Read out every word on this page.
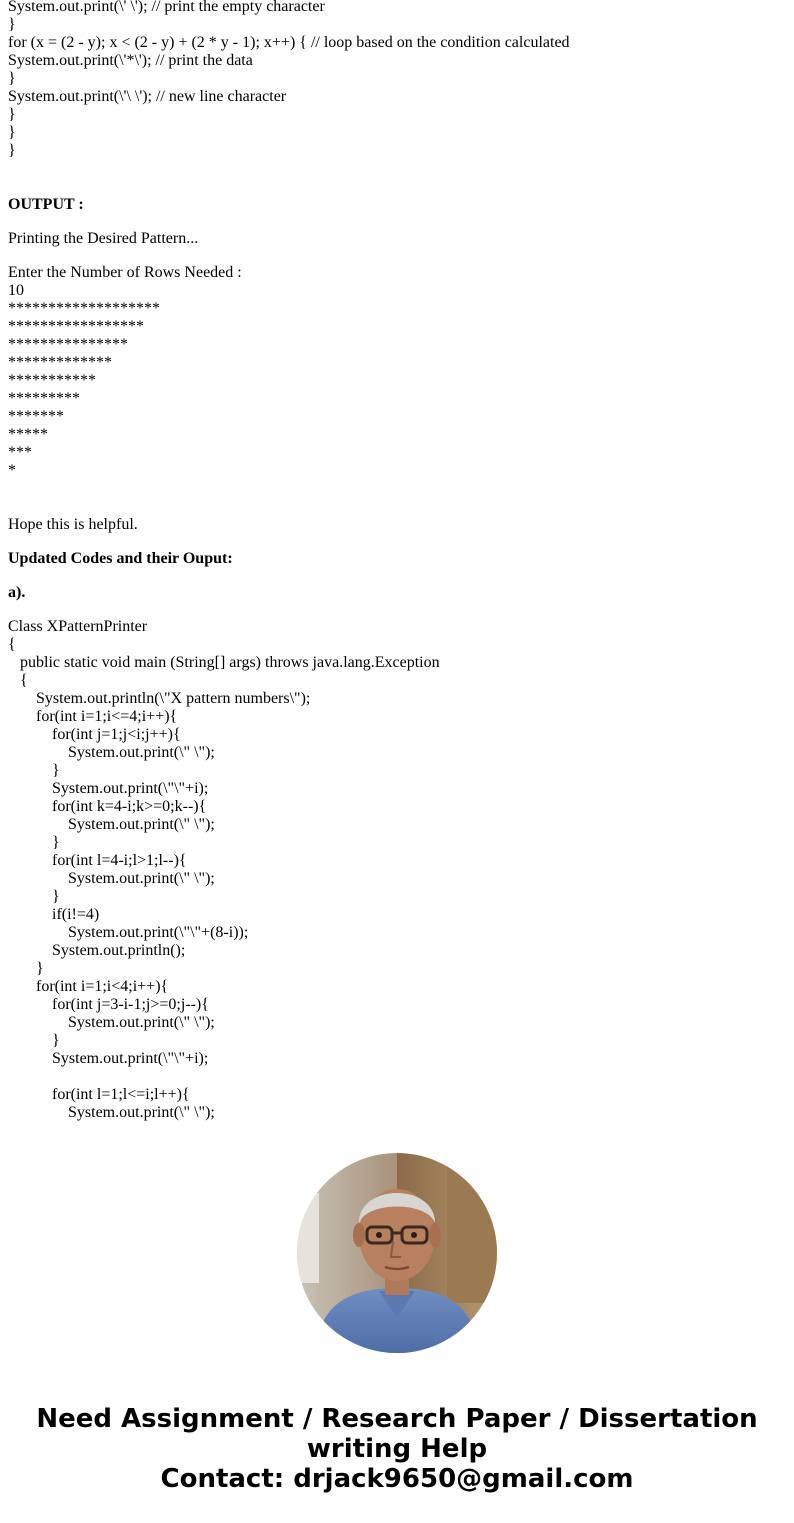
System.out.print(\' \'); // print the empty character
}
for (x = (2 - y); x < (2 - y) + (2 * y - 1); x++) { // loop based on the condition calculated
System.out.print(\'*\'); // print the data
}
System.out.print(\'\ \'); // new line character
}
}
}
OUTPUT :
Printing the Desired Pattern...
Enter the Number of Rows Needed :
10
*******************
*****************
***************
*************
***********
*********
*******
*****
***
*
Hope this is helpful.
Updated Codes and their Ouput:
a).
Class XPatternPrinter
{
public static void main (String[] args) throws java.lang.Exception
{
System.out.println(\"X pattern numbers\");
for(int i=1;i<=4;i++){
for(int j=1;j<i;j++){
System.out.print(\" \");
}
System.out.print(\"\"+i);
for(int k=4-i;k>=0;k--){
System.out.print(\" \");
}
for(int l=4-i;l>1;l--){
System.out.print(\" \");
}
if(i!=4)
System.out.print(\"\"+(8-i));
System.out.println();
}
for(int i=1;i<4;i++){
for(int j=3-i-1;j>=0;j--){
System.out.print(\" \");
}
System.out.print(\"\"+i);
for(int l=1;l<=i;l++){
System.out.print(\" \");
Need Assignment / Research Paper / Dissertation
writing Help
Contact: drjack9650@gmail.com
